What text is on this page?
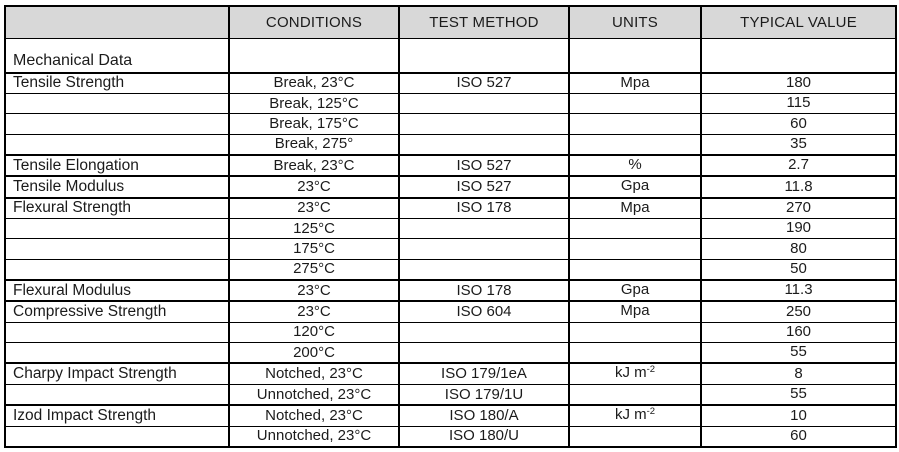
	CONDITIONS	TEST METHOD	UNITS	TYPICAL VALUE
Mechanical Data				
Tensile Strength	Break, 23°C	ISO 527	Mpa	180
	Break, 125°C			115
	Break, 175°C			60
	Break, 275°			35
Tensile Elongation	Break, 23°C	ISO 527	%	2.7
Tensile Modulus	23°C	ISO 527	Gpa	11.8
Flexural Strength	23°C	ISO 178	Mpa	270
	125°C			190
	175°C			80
	275°C			50
Flexural Modulus	23°C	ISO 178	Gpa	11.3
Compressive Strength	23°C	ISO 604	Mpa	250
	120°C			160
	200°C			55
Charpy Impact Strength	Notched, 23°C	ISO 179/1eA	kJ $m^{-2}$	8
	Unnotched, 23°C	ISO 179/1U		55
Izod Impact Strength	Notched, 23°C	ISO 180/A	kJ $m^{-2}$	10
	Unnotched, 23°C	ISO 180/U		60
